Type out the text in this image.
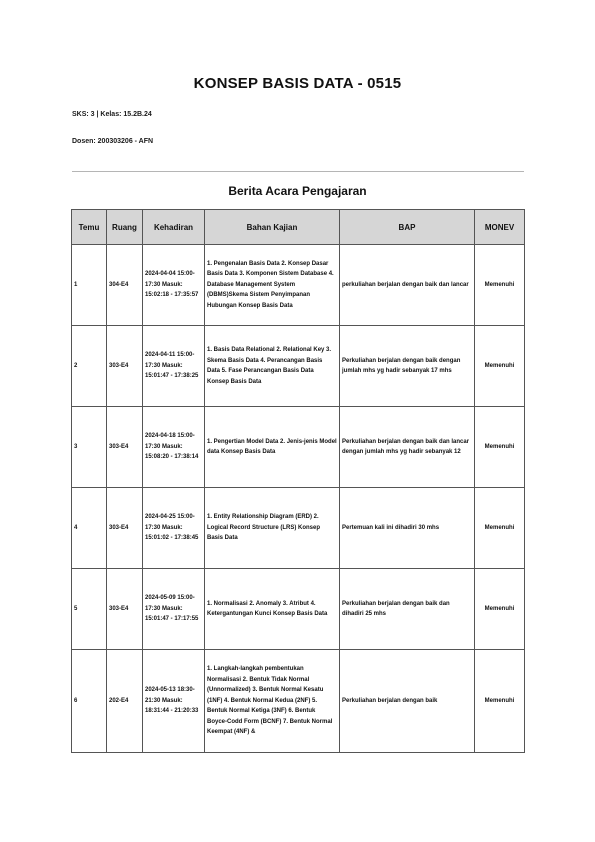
KONSEP BASIS DATA - 0515
SKS: 3 | Kelas: 15.2B.24
Dosen: 200303206 - AFN
Berita Acara Pengajaran
Temu	Ruang	Kehadiran	Bahan Kajian	BAP	MONEV
1	304-E4	2024-04-04 15:00-17:30 Masuk: 15:02:18 - 17:35:57	1. Pengenalan Basis Data 2. Konsep Dasar Basis Data 3. Komponen Sistem Database 4. Database Management System (DBMS)Skema Sistem Penyimpanan Hubungan Konsep Basis Data	perkuliahan berjalan dengan baik dan lancar	Memenuhi
2	303-E4	2024-04-11 15:00-17:30 Masuk: 15:01:47 - 17:38:25	1. Basis Data Relational 2. Relational Key 3. Skema Basis Data 4. Perancangan Basis Data 5. Fase Perancangan Basis Data Konsep Basis Data	Perkuliahan berjalan dengan baik dengan jumlah mhs yg hadir sebanyak 17 mhs	Memenuhi
3	303-E4	2024-04-18 15:00-17:30 Masuk: 15:08:20 - 17:38:14	1. Pengertian Model Data 2. Jenis-jenis Model data Konsep Basis Data	Perkuliahan berjalan dengan baik dan lancar dengan jumlah mhs yg hadir sebanyak 12	Memenuhi
4	303-E4	2024-04-25 15:00-17:30 Masuk: 15:01:02 - 17:38:45	1. Entity Relationship Diagram (ERD) 2. Logical Record Structure (LRS) Konsep Basis Data	Pertemuan kali ini dihadiri 30 mhs	Memenuhi
5	303-E4	2024-05-09 15:00-17:30 Masuk: 15:01:47 - 17:17:55	1. Normalisasi 2. Anomaly 3. Atribut 4. Ketergantungan Kunci Konsep Basis Data	Perkuliahan berjalan dengan baik dan dihadiri 25 mhs	Memenuhi
6	202-E4	2024-05-13 18:30-21:30 Masuk: 18:31:44 - 21:20:33	1. Langkah-langkah pembentukan Normalisasi 2. Bentuk Tidak Normal (Unnormalized) 3. Bentuk Normal Kesatu (1NF) 4. Bentuk Normal Kedua (2NF) 5. Bentuk Normal Ketiga (3NF) 6. Bentuk Boyce-Codd Form (BCNF) 7. Bentuk Normal Keempat (4NF) &	Perkuliahan berjalan dengan baik	Memenuhi
